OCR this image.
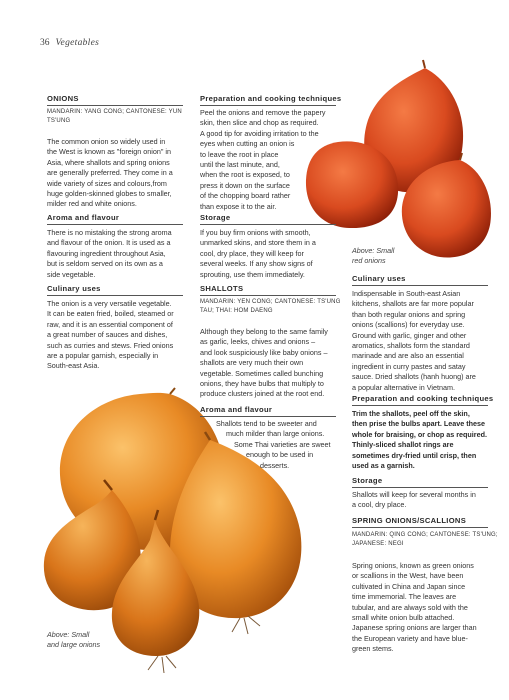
36 Vegetables
ONIONS
MANDARIN: YANG CONG; CANTONESE: YUN
TS'UNG
The common onion so widely used in
the West is known as "foreign onion" in
Asia, where shallots and spring onions
are generally preferred. They come in a
wide variety of sizes and colours,from
huge golden-skinned globes to smaller,
milder red and white onions.
Aroma and flavour
There is no mistaking the strong aroma
and flavour of the onion. It is used as a
flavouring ingredient throughout Asia,
but is seldom served on its own as a
side vegetable.
Culinary uses
The onion is a very versatile vegetable.
It can be eaten fried, boiled, steamed or
raw, and it is an essential component of
a great number of sauces and dishes,
such as curries and stews. Fried onions
are a popular garnish, especially in
South-east Asia.
Preparation and cooking techniques
Peel the onions and remove the papery
skin, then slice and chop as required.
A good tip for avoiding irritation to the
eyes when cutting an onion is
to leave the root in place
until the last minute, and,
when the root is exposed, to
press it down on the surface
of the chopping board rather
than expose it to the air.
Storage
If you buy firm onions with smooth,
unmarked skins, and store them in a
cool, dry place, they will keep for
several weeks. If any show signs of
sprouting, use them immediately.
SHALLOTS
MANDARIN: YEN CONG; CANTONESE: TS'UNG
TAU; THAI: HOM DAENG
Although they belong to the same family
as garlic, leeks, chives and onions –
and look suspiciously like baby onions –
shallots are very much their own
vegetable. Sometimes called bunching
onions, they have bulbs that multiply to
produce clusters joined at the root end.
Aroma and flavour
Shallots tend to be sweeter and
much milder than large onions.
Some Thai varieties are sweet
enough to be used in
desserts.
Above: Small
red onions
Culinary uses
Indispensable in South-east Asian
kitchens, shallots are far more popular
than both regular onions and spring
onions (scallions) for everyday use.
Ground with garlic, ginger and other
aromatics, shallots form the standard
marinade and are also an essential
ingredient in curry pastes and satay
sauce. Dried shallots (hanh huong) are
a popular alternative in Vietnam.
Preparation and cooking techniques
Trim the shallots, peel off the skin,
then prise the bulbs apart. Leave these
whole for braising, or chop as required.
Thinly-sliced shallot rings are
sometimes dry-fried until crisp, then
used as a garnish.
Storage
Shallots will keep for several months in
a cool, dry place.
SPRING ONIONS/SCALLIONS
MANDARIN: QING CONG; CANTONESE: TS'UNG;
JAPANESE: NEGI
Spring onions, known as green onions
or scallions in the West, have been
cultivated in China and Japan since
time immemorial. The leaves are
tubular, and are always sold with the
small white onion bulb attached.
Japanese spring onions are larger than
the European variety and have blue-
green stems.
Above: Small
and large onions
